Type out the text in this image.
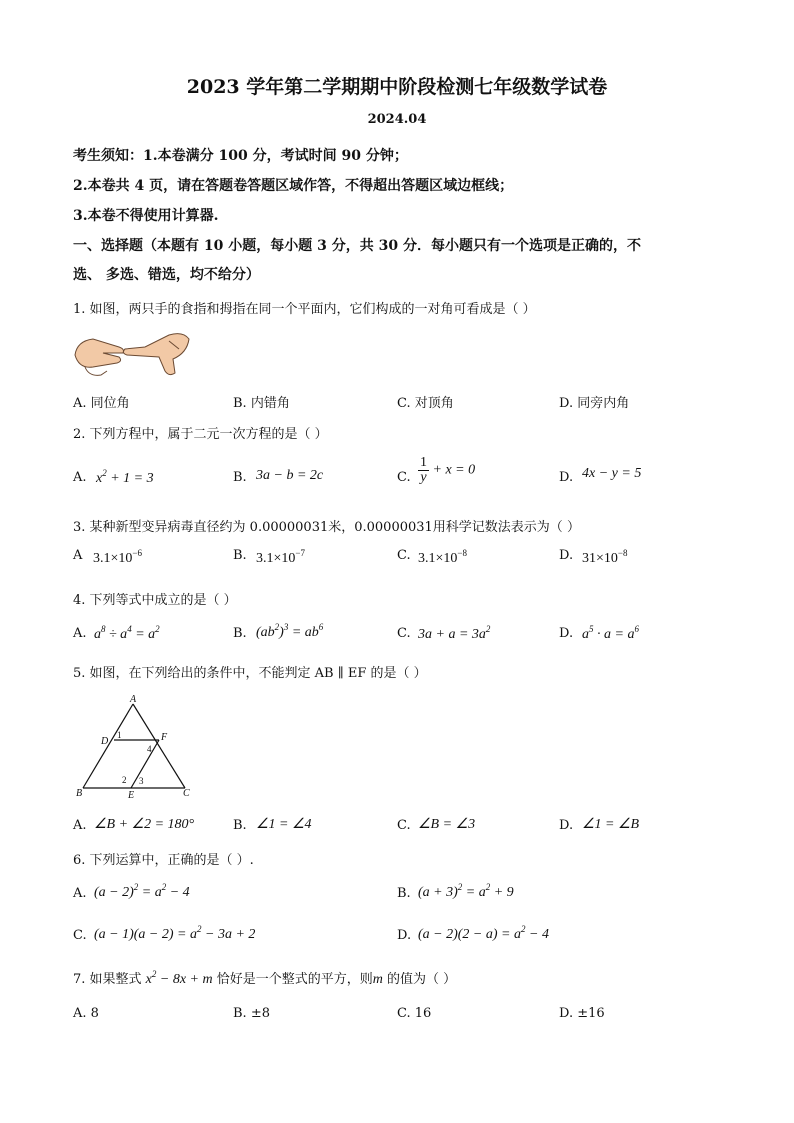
2023 学年第二学期期中阶段检测七年级数学试卷
2024.04
考生须知：1.本卷满分 100 分，考试时间 90 分钟；
2.本卷共 4 页，请在答题卷答题区域作答，不得超出答题区域边框线；
3.本卷不得使用计算器.
一、选择题（本题有 10 小题，每小题 3 分，共 30 分．每小题只有一个选项是正确的，不
选、 多选、错选，均不给分）
1. 如图，两只手的食指和拇指在同一个平面内，它们构成的一对角可看成是（ ）
A. 同位角	B. 内错角	C. 对顶角	D. 同旁内角
2. 下列方程中，属于二元一次方程的是（ ）
A. $x^2 + 1 = 3$	B. 3a − b = 2c	C. $\frac{1}{y} + x = 0$	D. 4x − y = 5
3. 某种新型变异病毒直径约为 0.00000031米，0.00000031用科学记数法表示为（ ）
A $3.1\times 10^{-6}$	B. $3.1\times 10^{-7}$	C. $3.1\times 10^{-8}$	D. $31\times 10^{-8}$
4. 下列等式中成立的是（ ）
A. $a^8 \div a^4 = a^2$	B. $(ab^2)^3 = ab^6$	C. $3a + a = 3a^2$	D. $a^5 \cdot a = a^6$
5. 如图，在下列给出的条件中，不能判定 AB ∥ EF 的是（ ）
A
D	F
B	E	C
1
4
2 3
A. ∠B + ∠2 = 180°	B. ∠1 = ∠4	C. ∠B = ∠3	D. ∠1 = ∠B
6. 下列运算中，正确的是（ ）.
A. $(a - 2)^2 = a^2 - 4$	B. $(a + 3)^2 = a^2 + 9$
C. $(a - 1)(a - 2) = a^2 - 3a + 2$	D. $(a - 2)(2 - a) = a^2 - 4$
7. 如果整式 $x^2 - 8x + m$ 恰好是一个整式的平方，则m 的值为（ ）
A. 8	B. ±8	C. 16	D. ±16
